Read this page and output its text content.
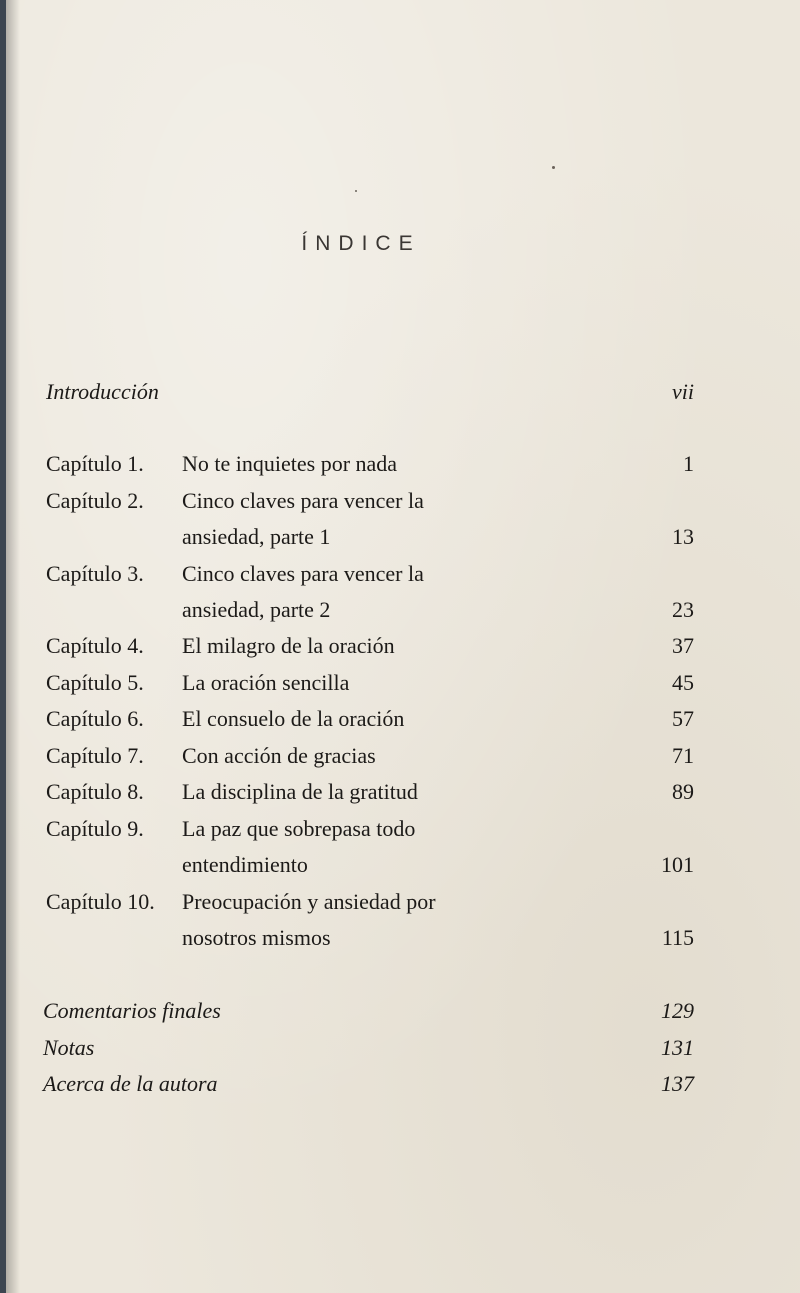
ÍNDICE
Introducción	vii
Capítulo 1. No te inquietes por nada	1
Capítulo 2. Cinco claves para vencer la
ansiedad, parte 1	13
Capítulo 3. Cinco claves para vencer la
ansiedad, parte 2	23
Capítulo 4. El milagro de la oración	37
Capítulo 5. La oración sencilla	45
Capítulo 6. El consuelo de la oración	57
Capítulo 7. Con acción de gracias	71
Capítulo 8. La disciplina de la gratitud	89
Capítulo 9. La paz que sobrepasa todo
entendimiento	101
Capítulo 10. Preocupación y ansiedad por
nosotros mismos	115
Comentarios finales	129
Notas	131
Acerca de la autora	137
